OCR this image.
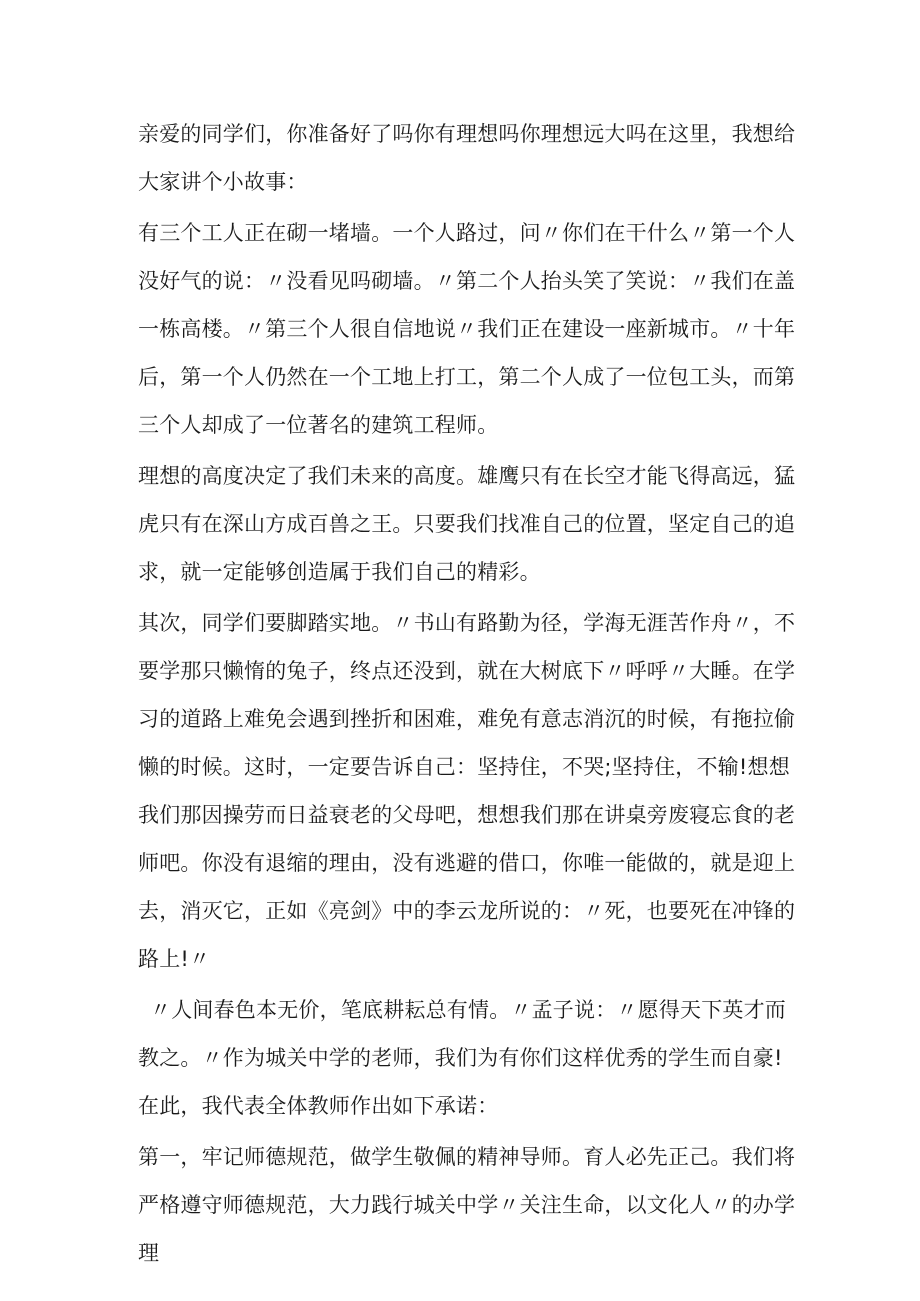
亲爱的同学们，你准备好了吗你有理想吗你理想远大吗在这里，我想给大家讲个小故事：

有三个工人正在砌一堵墙。一个人路过，问〃你们在干什么〃第一个人没好气的说：〃没看见吗砌墙。〃第二个人抬头笑了笑说：〃我们在盖一栋高楼。〃第三个人很自信地说〃我们正在建设一座新城市。〃十年后，第一个人仍然在一个工地上打工，第二个人成了一位包工头，而第三个人却成了一位著名的建筑工程师。

理想的高度决定了我们未来的高度。雄鹰只有在长空才能飞得高远，猛虎只有在深山方成百兽之王。只要我们找准自己的位置，坚定自己的追求，就一定能够创造属于我们自己的精彩。

其次，同学们要脚踏实地。〃书山有路勤为径，学海无涯苦作舟〃，不要学那只懒惰的兔子，终点还没到，就在大树底下〃呼呼〃大睡。在学习的道路上难免会遇到挫折和困难，难免有意志消沉的时候，有拖拉偷懒的时候。这时，一定要告诉自己：坚持住，不哭;坚持住，不输!想想我们那因操劳而日益衰老的父母吧，想想我们那在讲桌旁废寝忘食的老师吧。你没有退缩的理由，没有逃避的借口，你唯一能做的，就是迎上去，消灭它，正如《亮剑》中的李云龙所说的：〃死，也要死在冲锋的路上!〃

〃人间春色本无价，笔底耕耘总有情。〃孟子说：〃愿得天下英才而教之。〃作为城关中学的老师，我们为有你们这样优秀的学生而自豪!在此，我代表全体教师作出如下承诺：

第一，牢记师德规范，做学生敬佩的精神导师。育人必先正己。我们将严格遵守师德规范，大力践行城关中学〃关注生命，以文化人〃的办学理
